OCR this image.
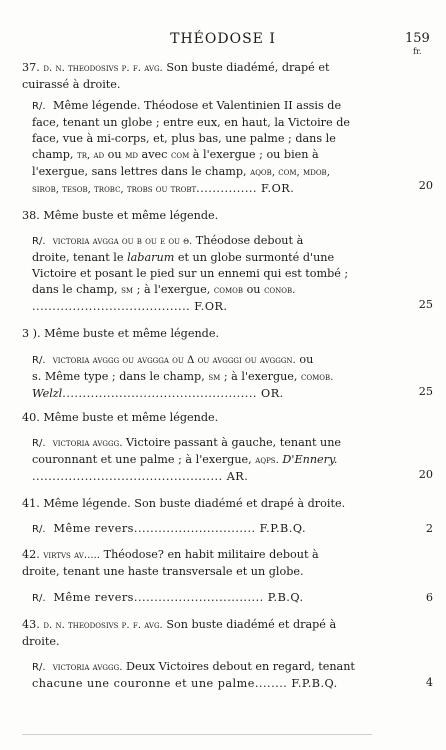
THÉODOSE I	159
fr.
37. d. n. theodosivs p. f. avg. Son buste diadémé, drapé et
cuirassé à droite.
R/. Même légende. Théodose et Valentinien II assis de
face, tenant un globe ; entre eux, en haut, la Victoire de
face, vue à mi-corps, et, plus bas, une palme ; dans le
champ, tr, ad ou md avec com à l'exergue ; ou bien à
l'exergue, sans lettres dans le champ, aqob, com, mdob,
sirob, tesob, trobc, trobs ou trobt............... F.OR.	20
38. Même buste et même légende.
R/. victoria avgga ou b ou e ou θ. Théodose debout à
droite, tenant le labarum et un globe surmonté d'une
Victoire et posant le pied sur un ennemi qui est tombé ;
dans le champ, sm ; à l'exergue, comob ou conob.
....................................... F.OR.	25
3 ). Même buste et même légende.
R/. victoria avggg ou avggga ou Δ ou avgggi ou avgggn. ou
s. Même type ; dans le champ, sm ; à l'exergue, comob.
Welzl................................................ OR.	25
40. Même buste et même légende.
R/. victoria avggg. Victoire passant à gauche, tenant une
couronnant et une palme ; à l'exergue, aqps. D'Ennery.
............................................... AR.	20
41. Même légende. Son buste diadémé et drapé à droite.
R/. Même revers.............................. F.P.B.Q.	2
42. virtvs av..... Théodose? en habit militaire debout à
droite, tenant une haste transversale et un globe.
R/. Même revers................................ P.B.Q.	6
43. d. n. theodosivs p. f. avg. Son buste diadémé et drapé à
droite.
R/. victoria avggg. Deux Victoires debout en regard, tenant
chacune une couronne et une palme........ F.P.B.Q.	4
